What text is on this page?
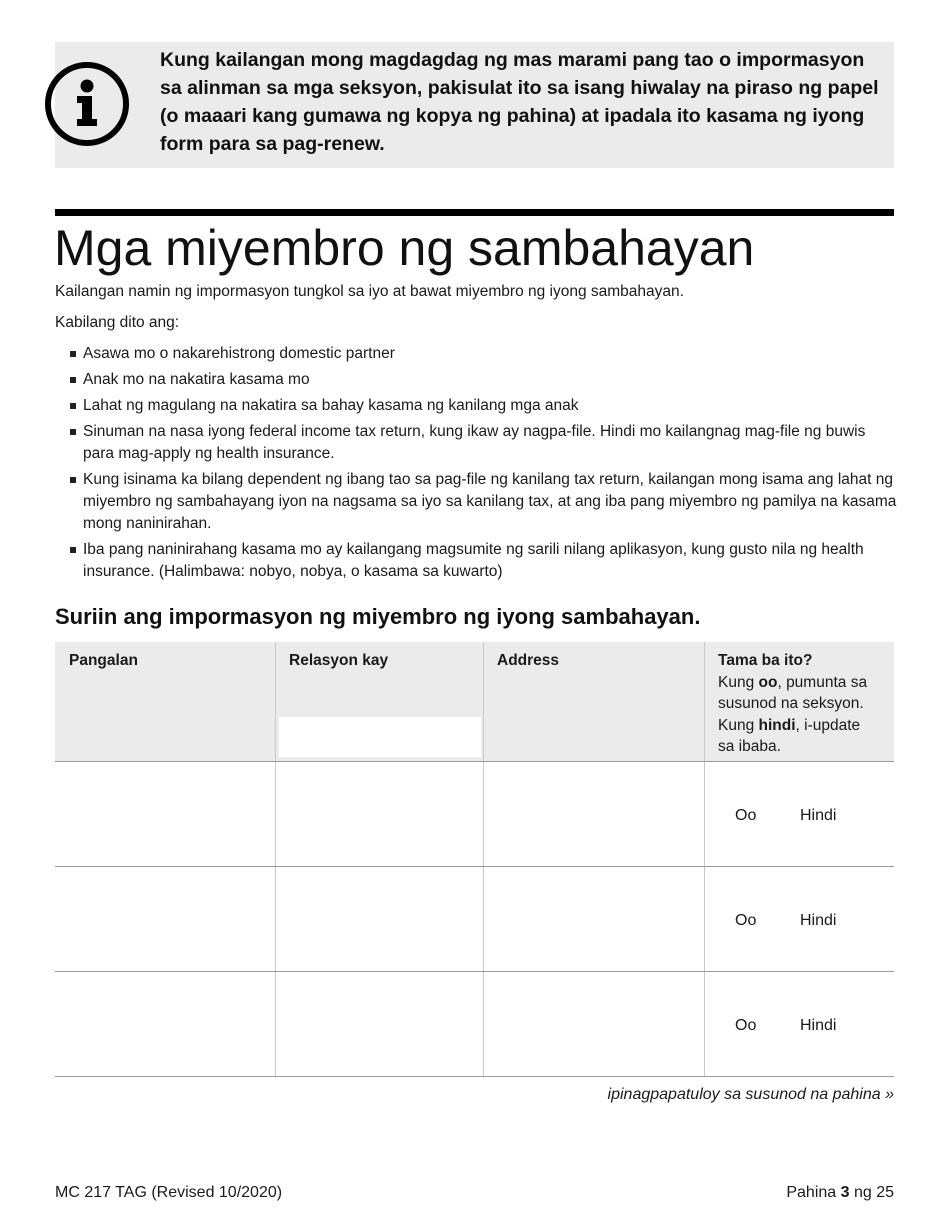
Kung kailangan mong magdagdag ng mas marami pang tao o impormasyon sa alinman sa mga seksyon, pakisulat ito sa isang hiwalay na piraso ng papel (o maaari kang gumawa ng kopya ng pahina) at ipadala ito kasama ng iyong form para sa pag-renew.
Mga miyembro ng sambahayan

Kailangan namin ng impormasyon tungkol sa iyo at bawat miyembro ng iyong sambahayan.

Kabilang dito ang:

Asawa mo o nakarehistrong domestic partner
Anak mo na nakatira kasama mo
Lahat ng magulang na nakatira sa bahay kasama ng kanilang mga anak
Sinuman na nasa iyong federal income tax return, kung ikaw ay nagpa-file. Hindi mo kailangnag mag-file ng buwis para mag-apply ng health insurance.
Kung isinama ka bilang dependent ng ibang tao sa pag-file ng kanilang tax return, kailangan mong isama ang lahat ng miyembro ng sambahayang iyon na nagsama sa iyo sa kanilang tax, at ang iba pang miyembro ng pamilya na kasama mong naninirahan.
Iba pang naninirahang kasama mo ay kailangang magsumite ng sarili nilang aplikasyon, kung gusto nila ng health insurance. (Halimbawa: nobyo, nobya, o kasama sa kuwarto)
Suriin ang impormasyon ng miyembro ng iyong sambahayan.
Pangalan	Relasyon kay	Address	Tama ba ito?
Kung oo, pumunta sa susunod na seksyon. Kung hindi, i-update sa ibaba.
Oo	Hindi
Oo	Hindi
Oo	Hindi
ipinagpapatuloy sa susunod na pahina »
MC 217 TAG (Revised 10/2020)	Pahina 3 ng 25
